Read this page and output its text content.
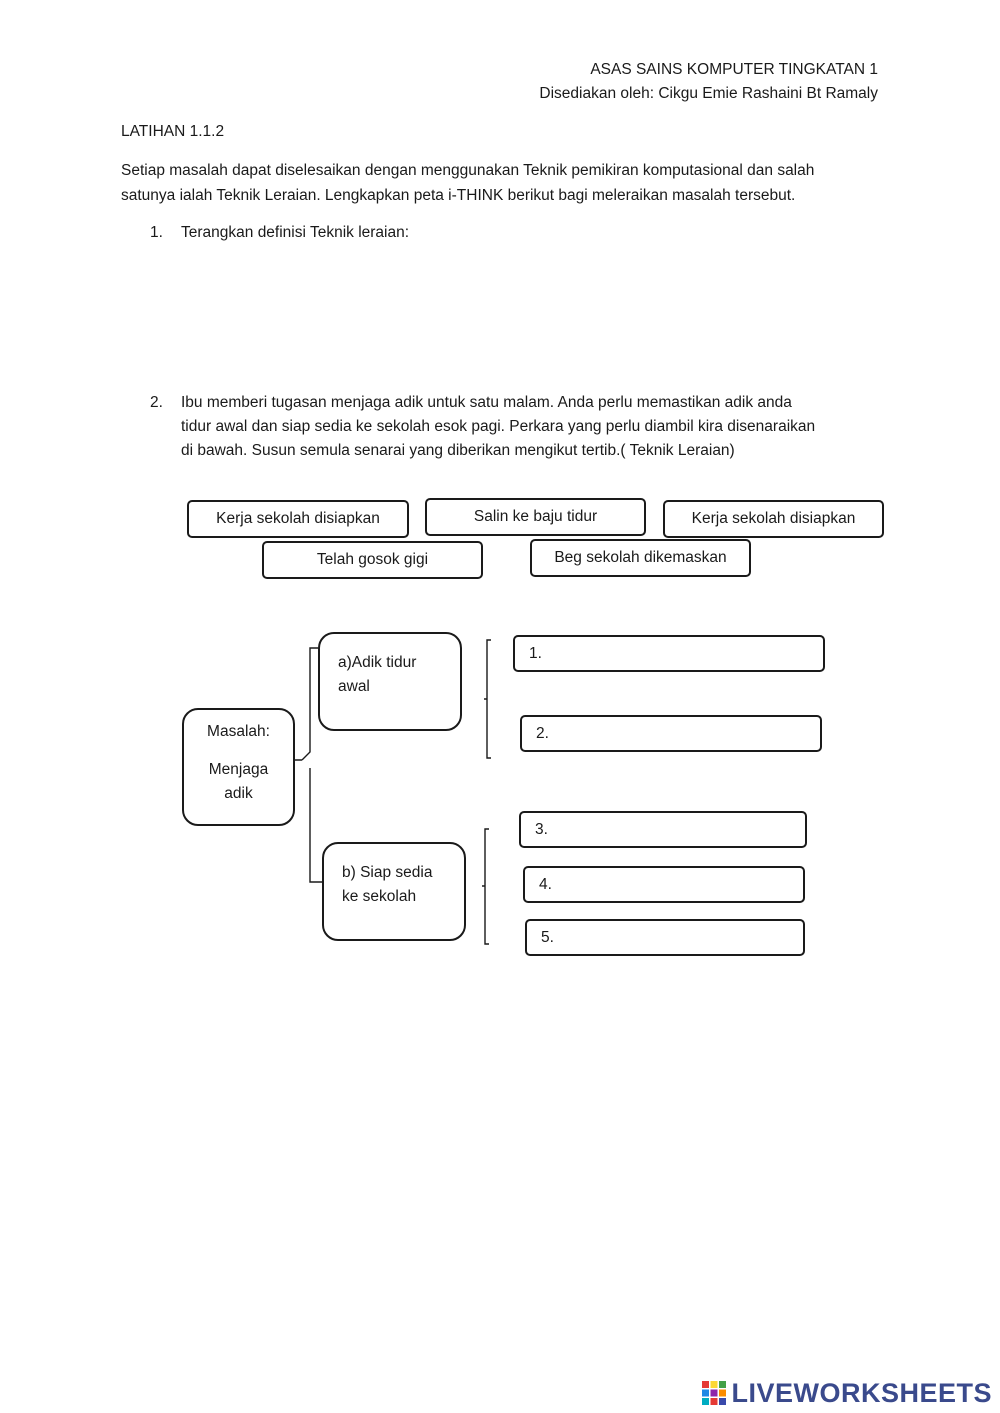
ASAS SAINS KOMPUTER TINGKATAN 1
Disediakan oleh: Cikgu Emie Rashaini Bt Ramaly
LATIHAN 1.1.2
Setiap masalah dapat diselesaikan dengan menggunakan Teknik pemikiran komputasional dan salah
satunya ialah Teknik Leraian. Lengkapkan peta i-THINK berikut bagi meleraikan masalah tersebut.
1. Terangkan definisi Teknik leraian:
2. Ibu memberi tugasan menjaga adik untuk satu malam. Anda perlu memastikan adik anda
tidur awal dan siap sedia ke sekolah esok pagi. Perkara yang perlu diambil kira disenaraikan
di bawah. Susun semula senarai yang diberikan mengikut tertib.( Teknik Leraian)
Kerja sekolah disiapkan	Salin ke baju tidur	Kerja sekolah disiapkan
Telah gosok gigi	Beg sekolah dikemaskan
Masalah:
Menjaga
adik
a)Adik tidur
awal
b) Siap sedia
ke sekolah
1.
2.
3.
4.
5.
LIVEWORKSHEETS
